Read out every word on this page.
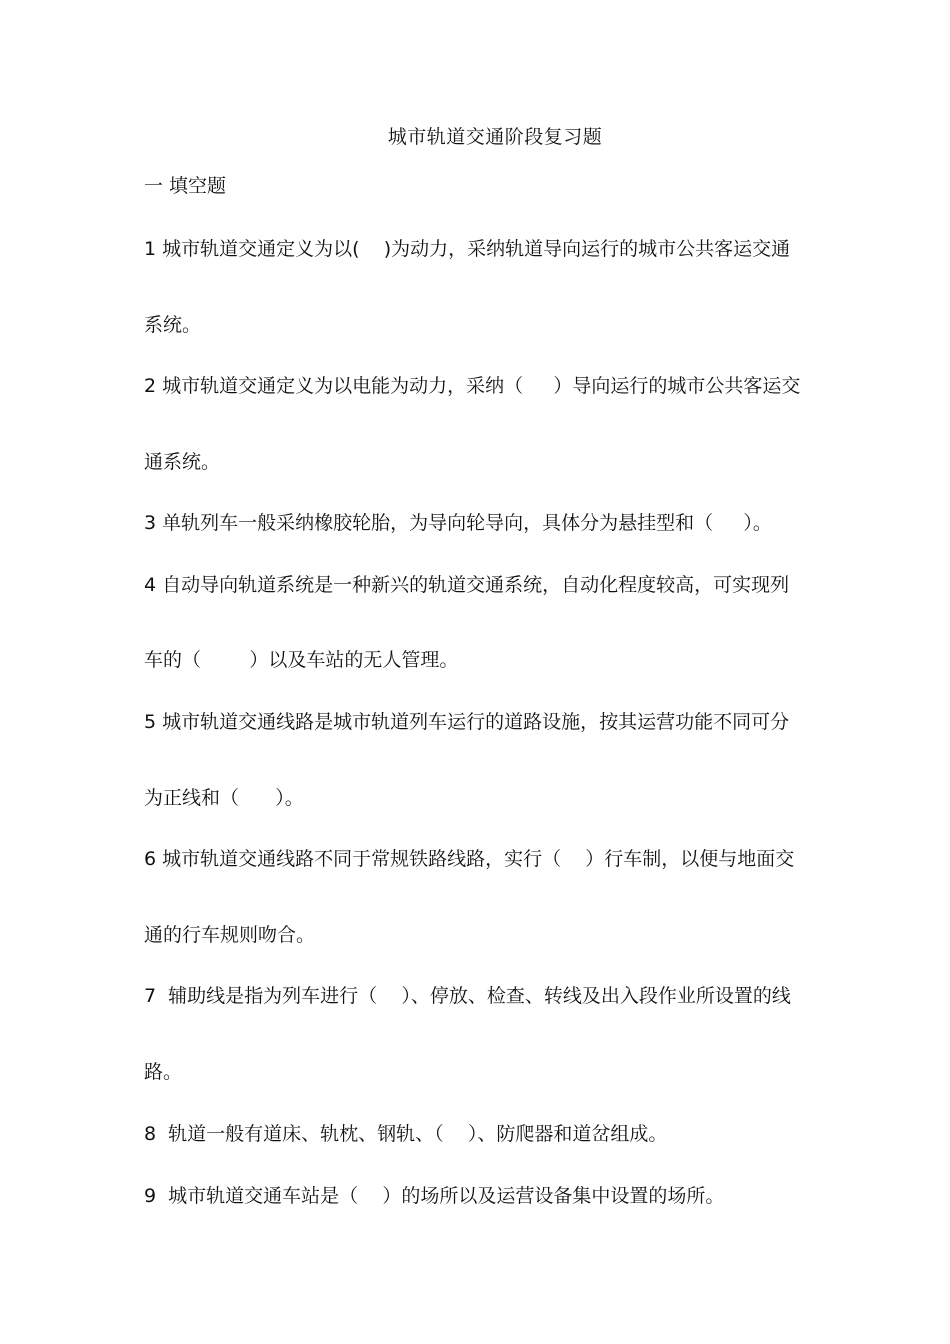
城市轨道交通阶段复习题
一 填空题
1 城市轨道交通定义为以(    )为动力，采纳轨道导向运行的城市公共客运交通
系统。
2 城市轨道交通定义为以电能为动力，采纳（     ）导向运行的城市公共客运交
通系统。
3 单轨列车一般采纳橡胶轮胎，为导向轮导向，具体分为悬挂型和（     ）。
4 自动导向轨道系统是一种新兴的轨道交通系统，自动化程度较高，可实现列
车的（        ）以及车站的无人管理。
5 城市轨道交通线路是城市轨道列车运行的道路设施，按其运营功能不同可分
为正线和（      ）。
6 城市轨道交通线路不同于常规铁路线路，实行（    ）行车制，以便与地面交
通的行车规则吻合。
7  辅助线是指为列车进行（    ）、停放、检查、转线及出入段作业所设置的线
路。
8  轨道一般有道床、轨枕、钢轨、（    ）、防爬器和道岔组成。
9  城市轨道交通车站是（    ）的场所以及运营设备集中设置的场所。
